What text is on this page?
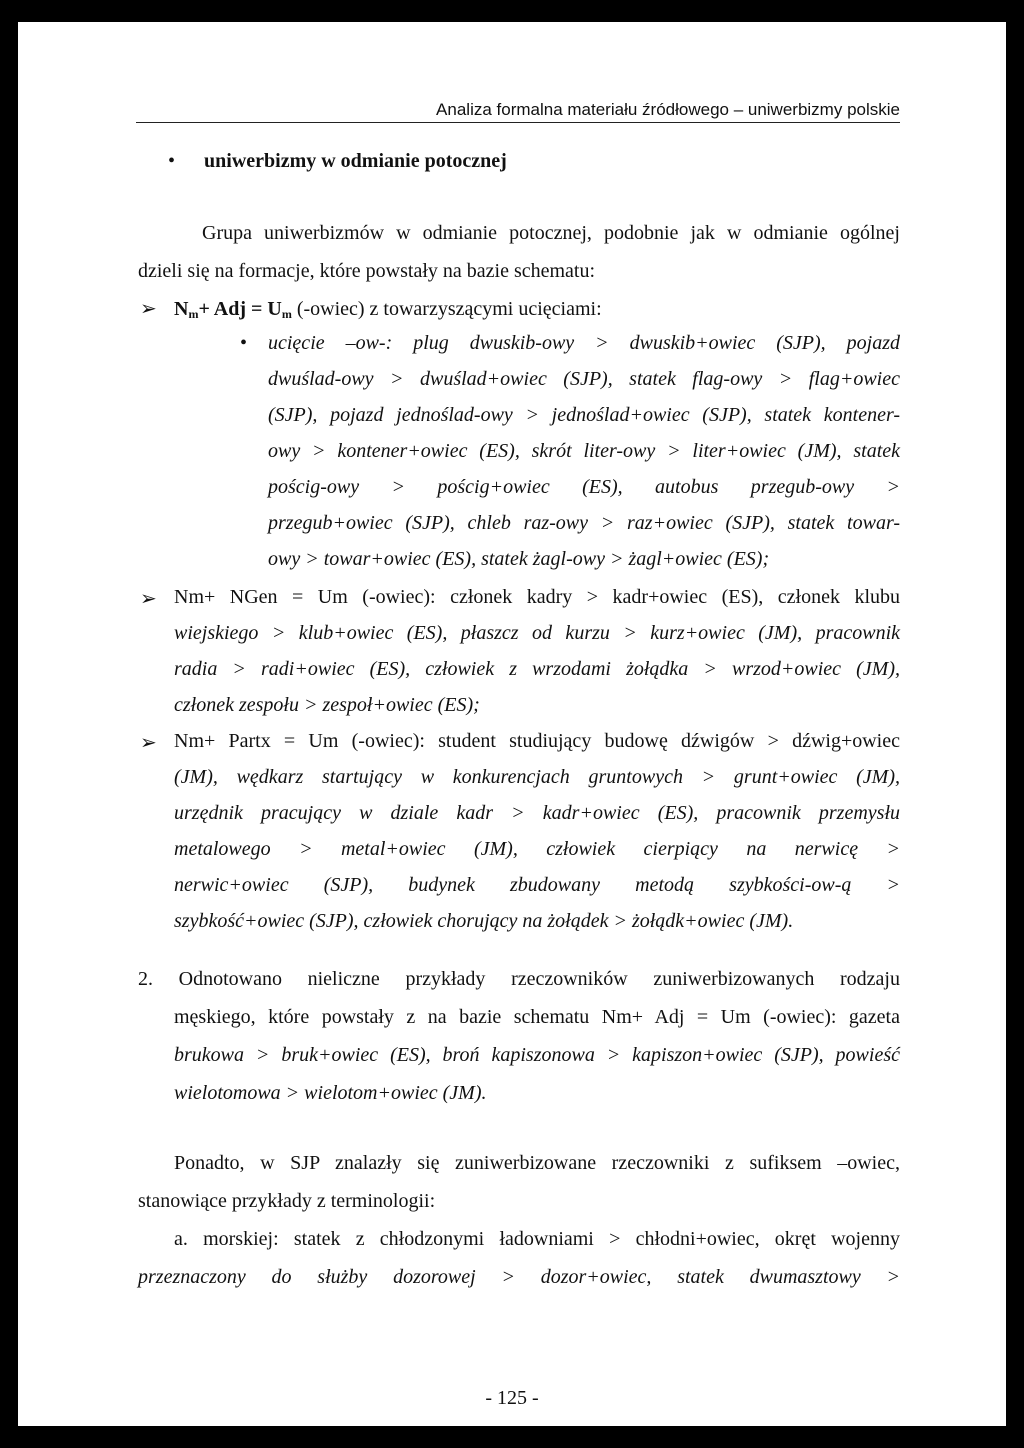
Analiza formalna materiału źródłowego – uniwerbizmy polskie
• uniwerbizmy w odmianie potocznej
Grupa uniwerbizmów w odmianie potocznej, podobnie jak w odmianie ogólnej
dzieli się na formacje, które powstały na bazie schematu:
➢ $N_m+$ Adj = $U_m$ (-owiec) z towarzyszącymi ucięciami:
• ucięcie –ow-: plug dwuskib-owy > dwuskib+owiec (SJP), pojazd
dwuślad-owy > dwuślad+owiec (SJP), statek flag-owy > flag+owiec
(SJP), pojazd jednoślad-owy > jednoślad+owiec (SJP), statek kontener-
owy > kontener+owiec (ES), skrót liter-owy > liter+owiec (JM), statek
pościg-owy > pościg+owiec (ES), autobus przegub-owy >
przegub+owiec (SJP), chleb raz-owy > raz+owiec (SJP), statek towar-
owy > towar+owiec (ES), statek żagl-owy > żagl+owiec (ES);
➢ Nm+ NGen = Um (-owiec): członek kadry > kadr+owiec (ES), członek klubu
wiejskiego > klub+owiec (ES), płaszcz od kurzu > kurz+owiec (JM), pracownik
radia > radi+owiec (ES), człowiek z wrzodami żołądka > wrzod+owiec (JM),
członek zespołu > zespoł+owiec (ES);
➢ Nm+ Partx = Um (-owiec): student studiujący budowę dźwigów > dźwig+owiec
(JM), wędkarz startujący w konkurencjach gruntowych > grunt+owiec (JM),
urzędnik pracujący w dziale kadr > kadr+owiec (ES), pracownik przemysłu
metalowego > metal+owiec (JM), człowiek cierpiący na nerwicę >
nerwic+owiec (SJP), budynek zbudowany metodą szybkości-ow-ą >
szybkość+owiec (SJP), człowiek chorujący na żołądek > żołądk+owiec (JM).
2. Odnotowano nieliczne przykłady rzeczowników zuniwerbizowanych rodzaju
męskiego, które powstały z na bazie schematu Nm+ Adj = Um (-owiec): gazeta
brukowa > bruk+owiec (ES), broń kapiszonowa > kapiszon+owiec (SJP), powieść
wielotomowa > wielotom+owiec (JM).
Ponadto, w SJP znalazły się zuniwerbizowane rzeczowniki z sufiksem –owiec,
stanowiące przykłady z terminologii:
a. morskiej: statek z chłodzonymi ładowniami > chłodni+owiec, okręt wojenny
przeznaczony do służby dozorowej > dozor+owiec, statek dwumasztowy >
- 125 -
